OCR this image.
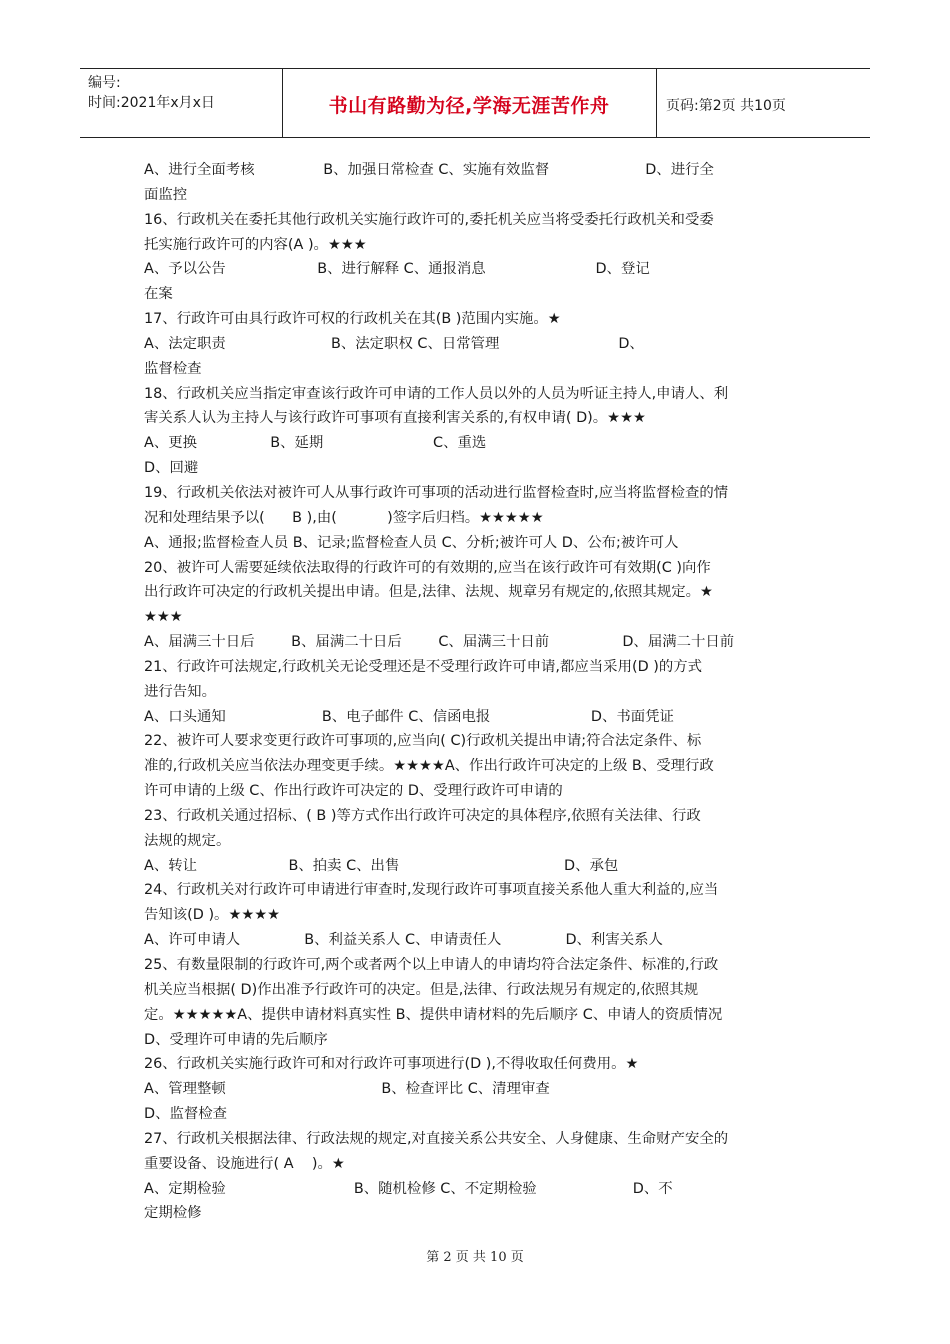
编号:
时间:2021年x月x日	书山有路勤为径,学海无涯苦作舟	页码:第2页 共10页
A、进行全面考核               B、加强日常检查 C、实施有效监督                     D、进行全
面监控
16、行政机关在委托其他行政机关实施行政许可的,委托机关应当将受委托行政机关和受委
托实施行政许可的内容(A )。★★★
A、予以公告                    B、进行解释 C、通报消息                        D、登记
在案
17、行政许可由具行政许可权的行政机关在其(B )范围内实施。★
A、法定职责                       B、法定职权 C、日常管理                          D、
监督检查
18、行政机关应当指定审查该行政许可申请的工作人员以外的人员为听证主持人,申请人、利
害关系人认为主持人与该行政许可事项有直接利害关系的,有权申请( D)。★★★
A、更换                B、延期                        C、重选
D、回避
19、行政机关依法对被许可人从事行政许可事项的活动进行监督检查时,应当将监督检查的情
况和处理结果予以(      B ),由(           )签字后归档。★★★★★
A、通报;监督检查人员 B、记录;监督检查人员 C、分析;被许可人 D、公布;被许可人
20、被许可人需要延续依法取得的行政许可的有效期的,应当在该行政许可有效期(C )向作
出行政许可决定的行政机关提出申请。但是,法律、法规、规章另有规定的,依照其规定。★
★★★
A、届满三十日后        B、届满二十日后        C、届满三十日前                D、届满二十日前
21、行政许可法规定,行政机关无论受理还是不受理行政许可申请,都应当采用(D )的方式
进行告知。
A、口头通知                     B、电子邮件 C、信函电报                      D、书面凭证
22、被许可人要求变更行政许可事项的,应当向( C)行政机关提出申请;符合法定条件、标
准的,行政机关应当依法办理变更手续。★★★★A、作出行政许可决定的上级 B、受理行政
许可申请的上级 C、作出行政许可决定的 D、受理行政许可申请的
23、行政机关通过招标、( B )等方式作出行政许可决定的具体程序,依照有关法律、行政
法规的规定。
A、转让                    B、拍卖 C、出售                                    D、承包
24、行政机关对行政许可申请进行审查时,发现行政许可事项直接关系他人重大利益的,应当
告知该(D )。★★★★
A、许可申请人              B、利益关系人 C、申请责任人              D、利害关系人
25、有数量限制的行政许可,两个或者两个以上申请人的申请均符合法定条件、标准的,行政
机关应当根据( D)作出准予行政许可的决定。但是,法律、行政法规另有规定的,依照其规
定。★★★★★A、提供申请材料真实性 B、提供申请材料的先后顺序 C、申请人的资质情况
D、受理许可申请的先后顺序
26、行政机关实施行政许可和对行政许可事项进行(D ),不得收取任何费用。★
A、管理整顿                                  B、检查评比 C、清理审查
D、监督检查
27、行政机关根据法律、行政法规的规定,对直接关系公共安全、人身健康、生命财产安全的
重要设备、设施进行( A    )。★
A、定期检验                            B、随机检修 C、不定期检验                     D、不
定期检修
第 2 页 共 10 页
